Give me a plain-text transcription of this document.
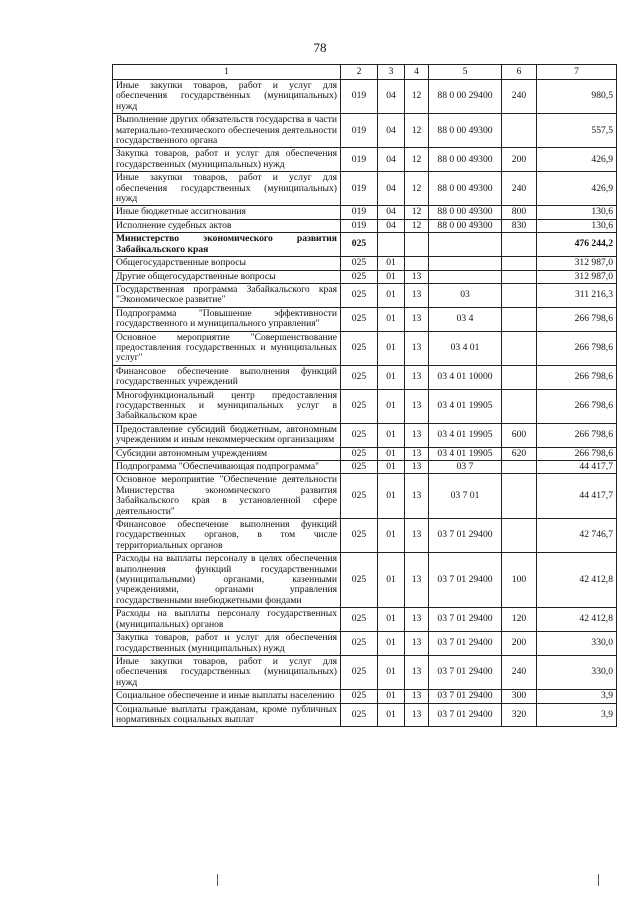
78
1	2	3	4	5	6	7
Иные закупки товаров, работ и услуг для обеспечения государственных (муниципальных) нужд	019	04	12	88 0 00 29400	240	980,5
Выполнение других обязательств государства в части материально-технического обеспечения деятельности государственного органа	019	04	12	88 0 00 49300		557,5
Закупка товаров, работ и услуг для обеспечения государственных (муниципальных) нужд	019	04	12	88 0 00 49300	200	426,9
Иные закупки товаров, работ и услуг для обеспечения государственных (муниципальных) нужд	019	04	12	88 0 00 49300	240	426,9
Иные бюджетные ассигнования	019	04	12	88 0 00 49300	800	130,6
Исполнение судебных актов	019	04	12	88 0 00 49300	830	130,6
Министерство экономического развития Забайкальского края	025					476 244,2
Общегосударственные вопросы	025	01				312 987,0
Другие общегосударственные вопросы	025	01	13			312 987,0
Государственная программа Забайкальского края "Экономическое развитие"	025	01	13	03		311 216,3
Подпрограмма "Повышение эффективности государственного и муниципального управления"	025	01	13	03 4		266 798,6
Основное мероприятие "Совершенствование предоставления государственных и муниципальных услуг"	025	01	13	03 4 01		266 798,6
Финансовое обеспечение выполнения функций государственных учреждений	025	01	13	03 4 01 10000		266 798,6
Многофункциональный центр предоставления государственных и муниципальных услуг в Забайкальском крае	025	01	13	03 4 01 19905		266 798,6
Предоставление субсидий бюджетным, автономным учреждениям и иным некоммерческим организациям	025	01	13	03 4 01 19905	600	266 798,6
Субсидии автономным учреждениям	025	01	13	03 4 01 19905	620	266 798,6
Подпрограмма "Обеспечивающая подпрограмма"	025	01	13	03 7		44 417,7
Основное мероприятие "Обеспечение деятельности Министерства экономического развития Забайкальского края в установленной сфере деятельности"	025	01	13	03 7 01		44 417,7
Финансовое обеспечение выполнения функций государственных органов, в том числе территориальных органов	025	01	13	03 7 01 29400		42 746,7
Расходы на выплаты персоналу в целях обеспечения выполнения функций государственными (муниципальными) органами, казенными учреждениями, органами управления государственными внебюджетными фондами	025	01	13	03 7 01 29400	100	42 412,8
Расходы на выплаты персоналу государственных (муниципальных) органов	025	01	13	03 7 01 29400	120	42 412,8
Закупка товаров, работ и услуг для обеспечения государственных (муниципальных) нужд	025	01	13	03 7 01 29400	200	330,0
Иные закупки товаров, работ и услуг для обеспечения государственных (муниципальных) нужд	025	01	13	03 7 01 29400	240	330,0
Социальное обеспечение и иные выплаты населению	025	01	13	03 7 01 29400	300	3,9
Социальные выплаты гражданам, кроме публичных нормативных социальных выплат	025	01	13	03 7 01 29400	320	3,9
